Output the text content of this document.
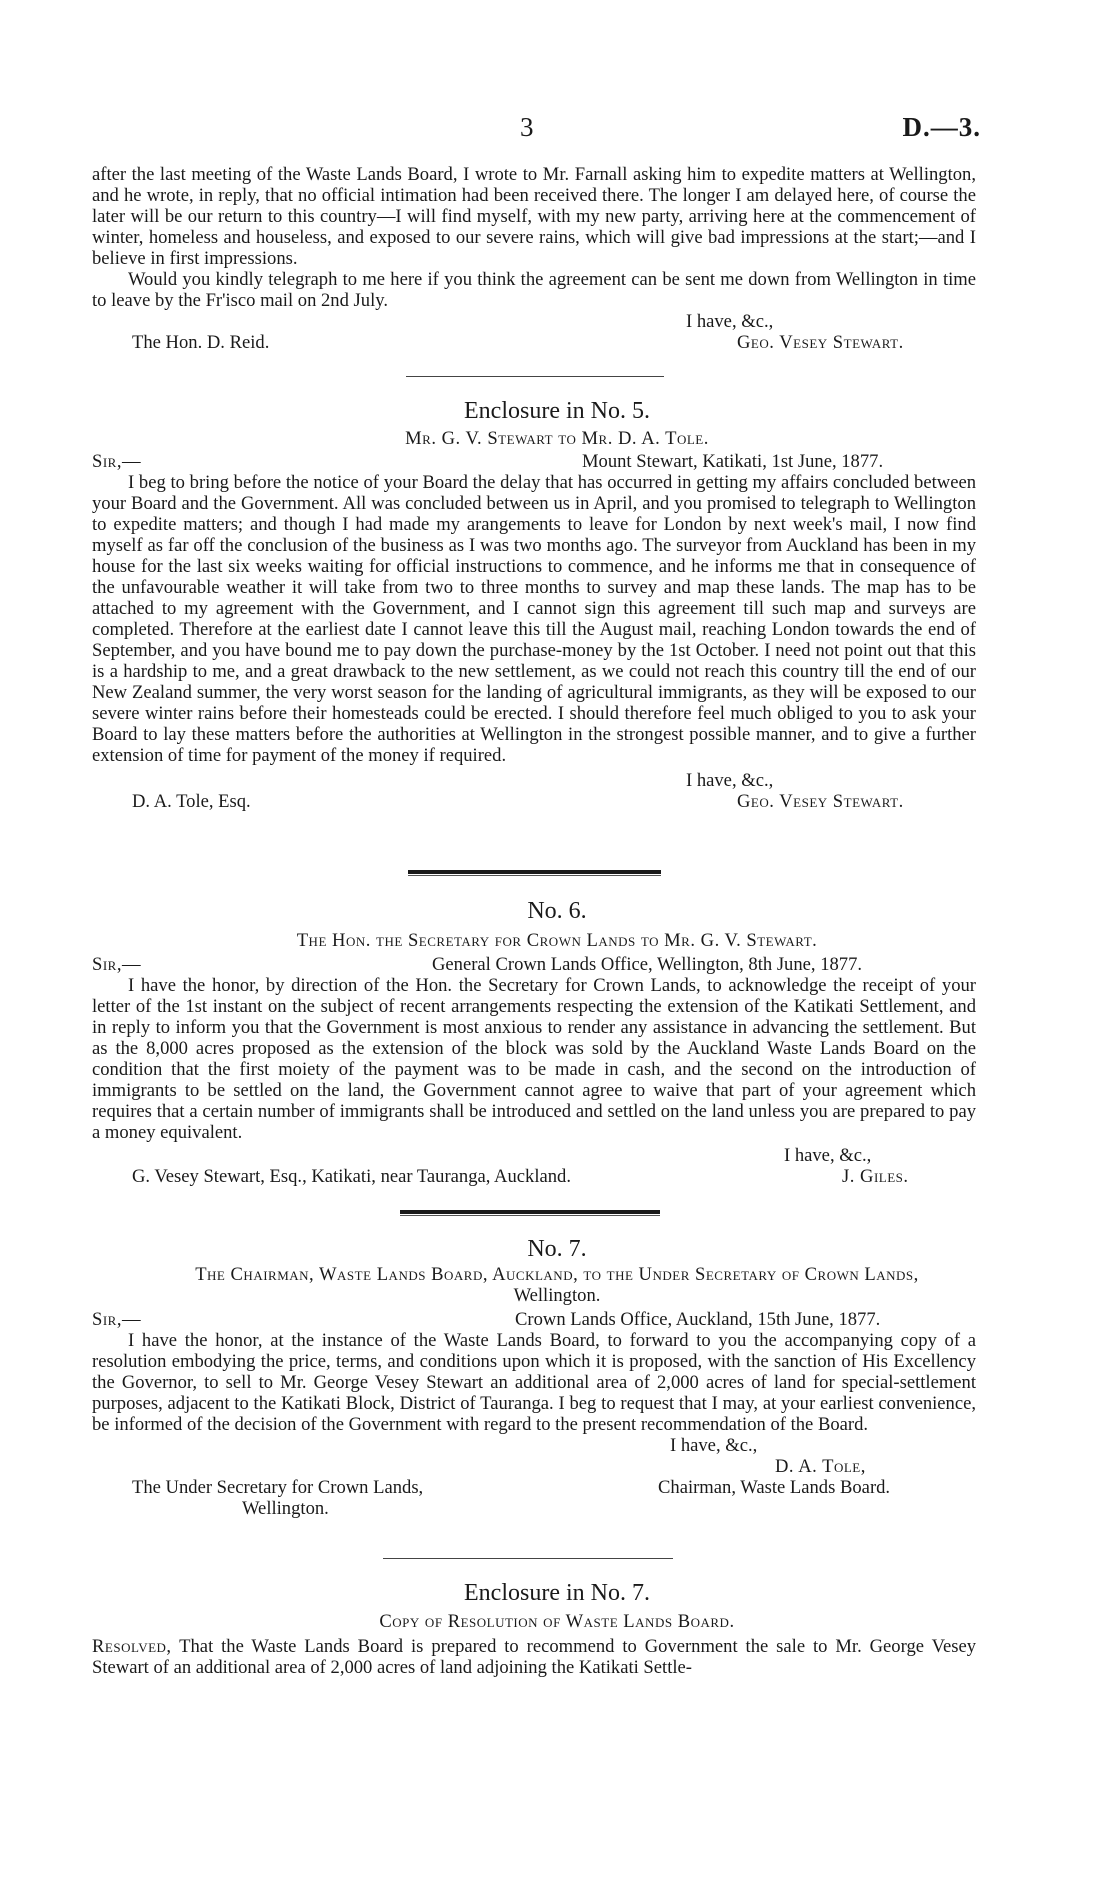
3	D.—3.

after the last meeting of the Waste Lands Board, I wrote to Mr. Farnall asking him to expedite matters at Wellington, and he wrote, in reply, that no official intimation had been received there. The longer I am delayed here, of course the later will be our return to this country—I will find myself, with my new party, arriving here at the commencement of winter, homeless and houseless, and exposed to our severe rains, which will give bad impressions at the start;—and I believe in first impressions.

Would you kindly telegraph to me here if you think the agreement can be sent me down from Wellington in time to leave by the Fr'isco mail on 2nd July.

I have, &c.,
The Hon. D. Reid.	Geo. Vesey Stewart.
Enclosure in No. 5.
Mr. G. V. Stewart to Mr. D. A. Tole.
Sir,—	Mount Stewart, Katikati, 1st June, 1877.

I beg to bring before the notice of your Board the delay that has occurred in getting my affairs concluded between your Board and the Government. All was concluded between us in April, and you promised to telegraph to Wellington to expedite matters; and though I had made my arangements to leave for London by next week's mail, I now find myself as far off the conclusion of the business as I was two months ago. The surveyor from Auckland has been in my house for the last six weeks waiting for official instructions to commence, and he informs me that in consequence of the unfavourable weather it will take from two to three months to survey and map these lands. The map has to be attached to my agreement with the Government, and I cannot sign this agreement till such map and surveys are completed. Therefore at the earliest date I cannot leave this till the August mail, reaching London towards the end of September, and you have bound me to pay down the purchase-money by the 1st October. I need not point out that this is a hardship to me, and a great drawback to the new settlement, as we could not reach this country till the end of our New Zealand summer, the very worst season for the landing of agricultural immigrants, as they will be exposed to our severe winter rains before their homesteads could be erected. I should therefore feel much obliged to you to ask your Board to lay these matters before the authorities at Wellington in the strongest possible manner, and to give a further extension of time for payment of the money if required.

I have, &c.,
D. A. Tole, Esq.	Geo. Vesey Stewart.
No. 6.
The Hon. the Secretary for Crown Lands to Mr. G. V. Stewart.
Sir,—	General Crown Lands Office, Wellington, 8th June, 1877.

I have the honor, by direction of the Hon. the Secretary for Crown Lands, to acknowledge the receipt of your letter of the 1st instant on the subject of recent arrangements respecting the extension of the Katikati Settlement, and in reply to inform you that the Government is most anxious to render any assistance in advancing the settlement. But as the 8,000 acres proposed as the extension of the block was sold by the Auckland Waste Lands Board on the condition that the first moiety of the payment was to be made in cash, and the second on the introduction of immigrants to be settled on the land, the Government cannot agree to waive that part of your agreement which requires that a certain number of immigrants shall be introduced and settled on the land unless you are prepared to pay a money equivalent.

I have, &c.,
G. Vesey Stewart, Esq., Katikati, near Tauranga, Auckland.	J. Giles.
No. 7.
The Chairman, Waste Lands Board, Auckland, to the Under Secretary of Crown Lands,
Wellington.
Sir,—	Crown Lands Office, Auckland, 15th June, 1877.

I have the honor, at the instance of the Waste Lands Board, to forward to you the accompanying copy of a resolution embodying the price, terms, and conditions upon which it is proposed, with the sanction of His Excellency the Governor, to sell to Mr. George Vesey Stewart an additional area of 2,000 acres of land for special-settlement purposes, adjacent to the Katikati Block, District of Tauranga. I beg to request that I may, at your earliest convenience, be informed of the decision of the Government with regard to the present recommendation of the Board.

I have, &c.,
D. A. Tole,
The Under Secretary for Crown Lands,	Chairman, Waste Lands Board.
Wellington.
Enclosure in No. 7.
Copy of Resolution of Waste Lands Board.

Resolved, That the Waste Lands Board is prepared to recommend to Government the sale to Mr. George Vesey Stewart of an additional area of 2,000 acres of land adjoining the Katikati Settle-
